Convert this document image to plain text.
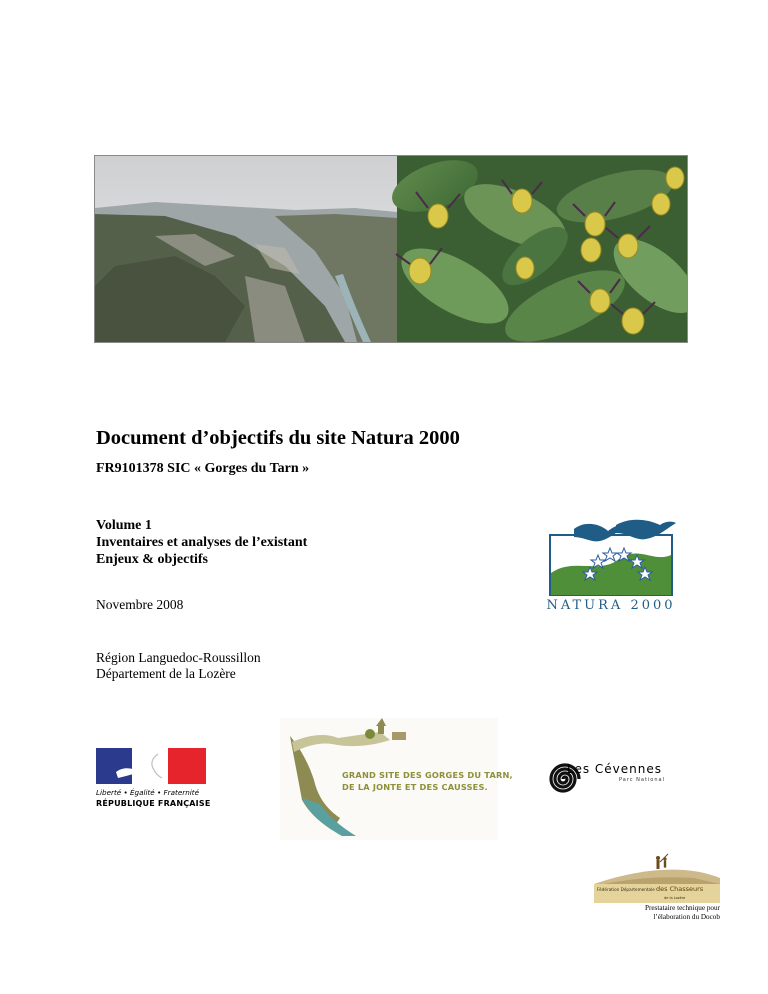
Document d’objectifs du site Natura 2000
FR9101378 SIC « Gorges du Tarn »
Volume 1
Inventaires et analyses de l’existant
Enjeux & objectifs
Novembre 2008
Région Languedoc-Roussillon
Département de la Lozère
NATURA 2000
Liberté • Égalité • Fraternité
RÉPUBLIQUE FRANÇAISE
GRAND SITE DES GORGES DU TARN,
DE LA JONTE ET DES CAUSSES.
Les Cévennes
Parc National
Fédération Départementale des Chasseurs
de la Lozère
Prestataire technique pour
l’élaboration du Docob
